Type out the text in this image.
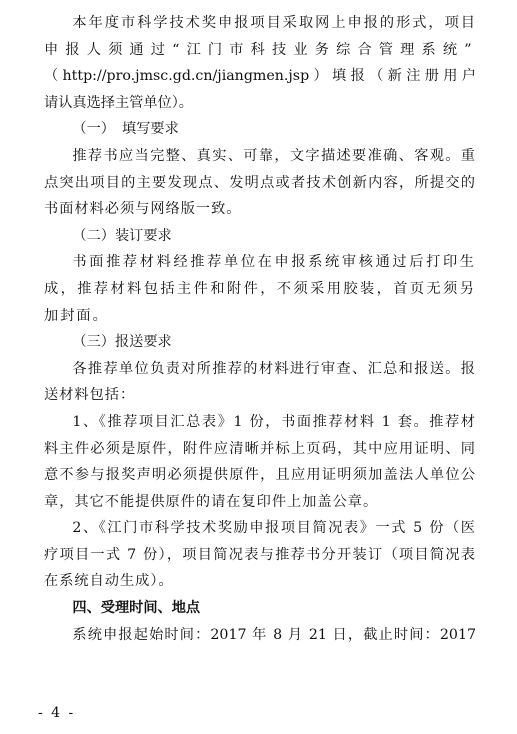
本年度市科学技术奖申报项目采取网上申报的形式，项目

申报人须通过“江门市科技业务综合管理系统”

（http://pro.jmsc.gd.cn/jiangmen.jsp）填报（新注册用户

请认真选择主管单位）。

（一）　填写要求

推荐书应当完整、真实、可靠，文字描述要准确、客观。重点突出项目的主要发现点、发明点或者技术创新内容，所提交的书面材料必须与网络版一致。

（二）装订要求

书面推荐材料经推荐单位在申报系统审核通过后打印生成，推荐材料包括主件和附件，不须采用胶装，首页无须另加封面。

（三）报送要求

各推荐单位负责对所推荐的材料进行审查、汇总和报送。报送材料包括：

1、《推荐项目汇总表》1 份，书面推荐材料 1 套。推荐材料主件必须是原件，附件应清晰并标上页码，其中应用证明、同意不参与报奖声明必须提供原件，且应用证明须加盖法人单位公章，其它不能提供原件的请在复印件上加盖公章。

2、《江门市科学技术奖励申报项目简况表》一式 5 份（医疗项目一式 7 份），项目简况表与推荐书分开装订（项目简况表在系统自动生成）。

四、受理时间、地点

系统申报起始时间：2017 年 8 月 21 日，截止时间：2017

- 4 -
